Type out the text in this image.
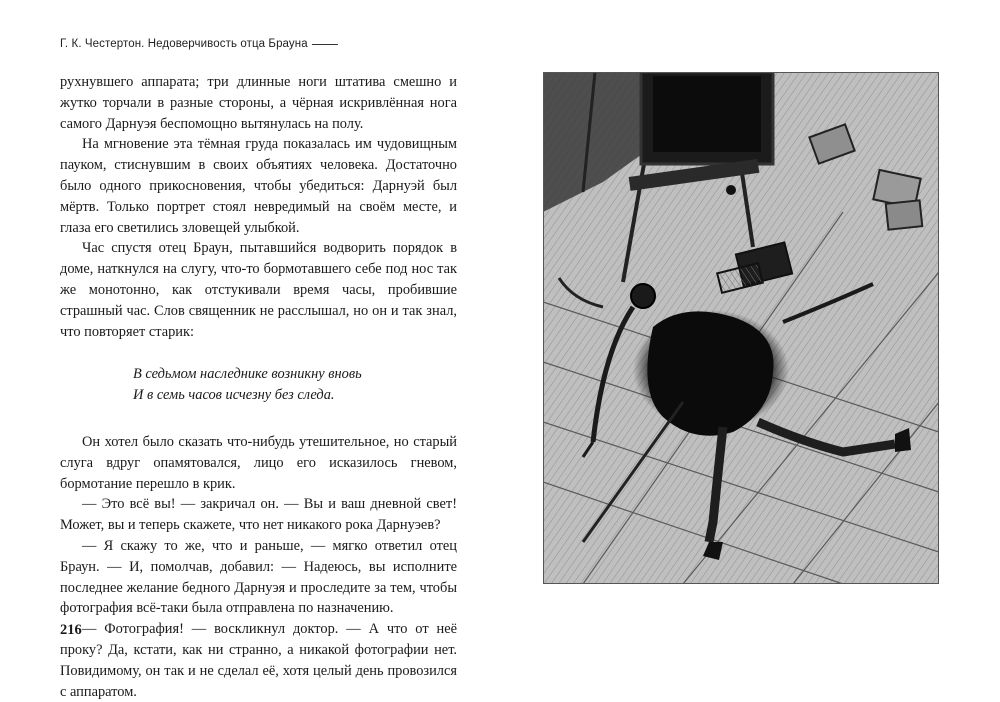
Г. К. Честертон. Недоверчивость отца Брауна

рухнувшего аппарата; три длинные ноги штатива смешно и жутко торчали в разные стороны, а чёрная искривлённая нога самого Дарнуэя беспомощно вытянулась на полу.

На мгновение эта тёмная груда показалась им чудовищным пауком, стиснувшим в своих объятиях человека. Достаточно было одного прикосновения, чтобы убедиться: Дарнуэй был мёртв. Только портрет стоял невредимый на своём месте, и глаза его светились зловещей улыбкой.

Час спустя отец Браун, пытавшийся водворить порядок в доме, наткнулся на слугу, что-то бормотавшего себе под нос так же монотонно, как отстукивали время часы, пробившие страшный час. Слов священник не расслышал, но он и так знал, что повторяет старик:

В седьмом наследнике возникну вновь
И в семь часов исчезну без следа.

Он хотел было сказать что-нибудь утешительное, но старый слуга вдруг опамятовался, лицо его исказилось гневом, бормотание перешло в крик.

— Это всё вы! — закричал он. — Вы и ваш дневной свет! Может, вы и теперь скажете, что нет никакого рока Дарнуэев?

— Я скажу то же, что и раньше, — мягко ответил отец Браун. — И, помолчав, добавил: — Надеюсь, вы исполните последнее желание бедного Дарнуэя и проследите за тем, чтобы фотография всё-таки была отправлена по назначению.

— Фотография! — воскликнул доктор. — А что от неё проку? Да, кстати, как ни странно, а никакой фотографии нет. Повидимому, он так и не сделал её, хотя целый день провозился с аппаратом.

216
